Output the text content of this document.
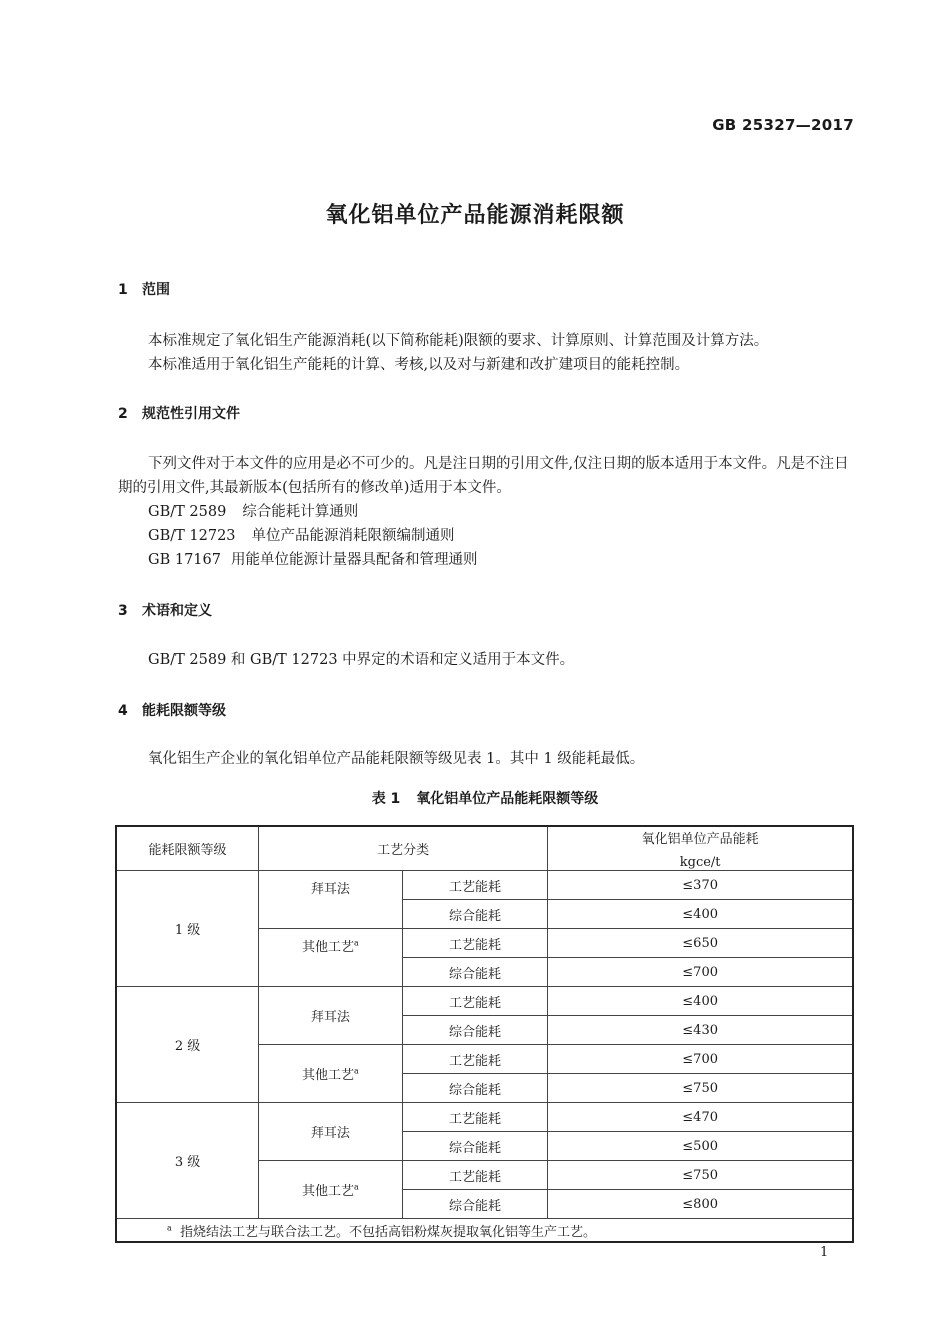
GB 25327—2017
氧化铝单位产品能源消耗限额
1 范围

本标准规定了氧化铝生产能源消耗(以下简称能耗)限额的要求、计算原则、计算范围及计算方法。

本标准适用于氧化铝生产能耗的计算、考核,以及对与新建和改扩建项目的能耗控制。

2 规范性引用文件

下列文件对于本文件的应用是必不可少的。凡是注日期的引用文件,仅注日期的版本适用于本文件。凡是不注日期的引用文件,其最新版本(包括所有的修改单)适用于本文件。

GB/T 2589 综合能耗计算通则

GB/T 12723 单位产品能源消耗限额编制通则

GB 17167 用能单位能源计量器具配备和管理通则

3 术语和定义

GB/T 2589 和 GB/T 12723 中界定的术语和定义适用于本文件。

4 能耗限额等级

氧化铝生产企业的氧化铝单位产品能耗限额等级见表 1。其中 1 级能耗最低。

表 1 氧化铝单位产品能耗限额等级
能耗限额等级	工艺分类		氧化铝单位产品能耗
kgce/t

1 级	拜耳法	工艺能耗	≤370
		综合能耗	≤400
	其他工艺$^a$	工艺能耗	≤650
		综合能耗	≤700
2 级	拜耳法	工艺能耗	≤400
		综合能耗	≤430
	其他工艺$^a$	工艺能耗	≤700
		综合能耗	≤750
3 级	拜耳法	工艺能耗	≤470
		综合能耗	≤500
	其他工艺$^a$	工艺能耗	≤750
		综合能耗	≤800
$^a$ 指烧结法工艺与联合法工艺。不包括高铝粉煤灰提取氧化铝等生产工艺。			
1
